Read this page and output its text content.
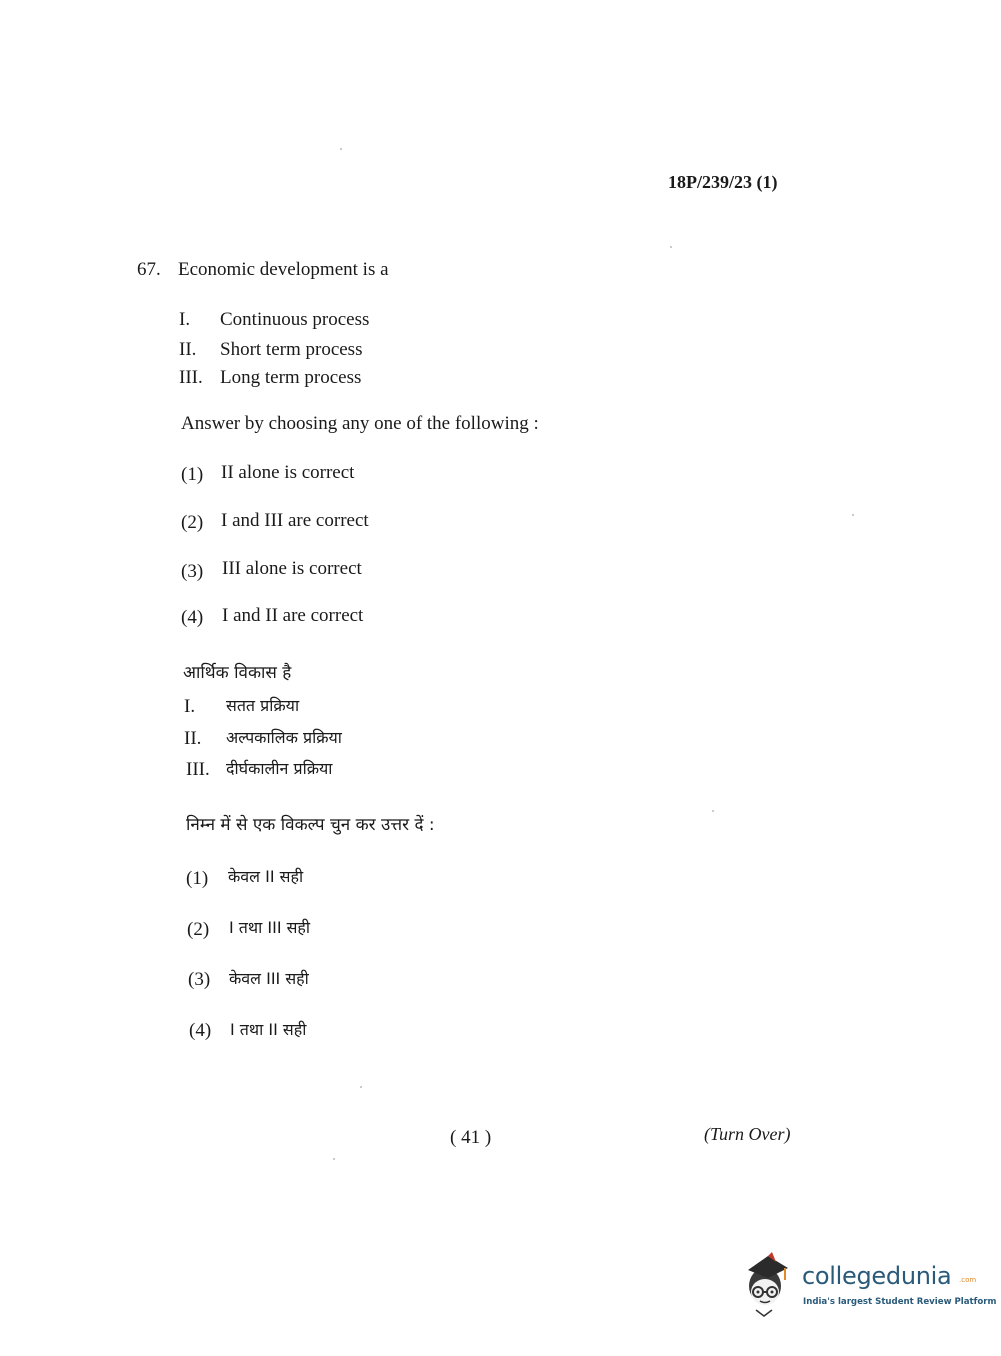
18P/239/23 (1)
67. Economic development is a
I. Continuous process
II. Short term process
III. Long term process
Answer by choosing any one of the following :
(1) II alone is correct
(2) I and III are correct
(3) III alone is correct
(4) I and II are correct
आर्थिक विकास है
I. सतत प्रक्रिया
II. अल्पकालिक प्रक्रिया
III. दीर्घकालीन प्रक्रिया
निम्न में से एक विकल्प चुन कर उत्तर दें :
(1) केवल II सही
(2) I तथा III सही
(3) केवल III सही
(4) I तथा II सही
( 41 )	(Turn Over)
collegedunia .com
India's largest Student Review Platform
